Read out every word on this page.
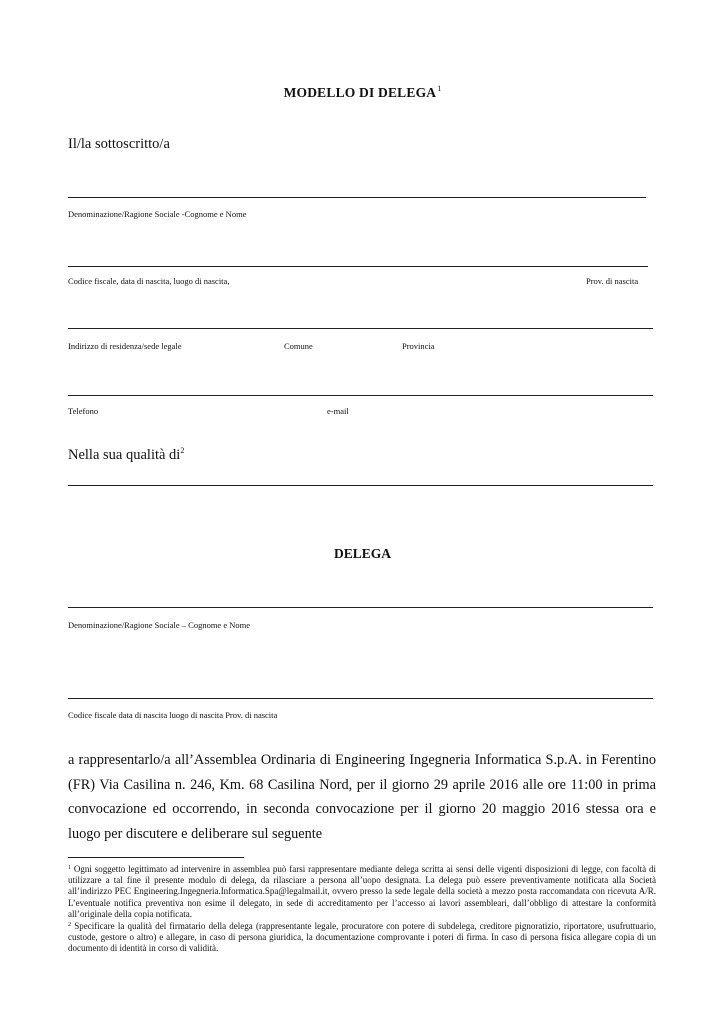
MODELLO DI DELEGA$^1$
Il/la sottoscritto/a
Denominazione/Ragione Sociale -Cognome e Nome
Codice fiscale, data di nascita, luogo di nascita,	Prov. di nascita
Indirizzo di residenza/sede legale	Comune	Provincia
Telefono	e-mail
Nella sua qualità $di^2$
DELEGA
Denominazione/Ragione Sociale – Cognome e Nome
Codice fiscale data di nascita luogo di nascita Prov. di nascita
a rappresentarlo/a all’Assemblea Ordinaria di Engineering Ingegneria Informatica S.p.A. in Ferentino (FR) Via Casilina n. 246, Km. 68 Casilina Nord, per il giorno 29 aprile 2016 alle ore 11:00 in prima convocazione ed occorrendo, in seconda convocazione per il giorno 20 maggio 2016 stessa ora e luogo per discutere e deliberare sul seguente
$^1$ Ogni soggetto legittimato ad intervenire in assemblea può farsi rappresentare mediante delega scritta ai sensi delle vigenti disposizioni di legge, con facoltà di utilizzare a tal fine il presente modulo di delega, da rilasciare a persona all’uopo designata. La delega può essere preventivamente notificata alla Società all’indirizzo PEC Engineering.Ingegneria.Informatica.Spa@legalmail.it, ovvero presso la sede legale della società a mezzo posta raccomandata con ricevuta A/R. L’eventuale notifica preventiva non esime il delegato, in sede di accreditamento per l’accesso ai lavori assembleari, dall’obbligo di attestare la conformità all’originale della copia notificata.
$^2$ Specificare la qualità del firmatario della delega (rappresentante legale, procuratore con potere di subdelega, creditore pignoratizio, riportatore, usufruttuario, custode, gestore o altro) e allegare, in caso di persona giuridica, la documentazione comprovante i poteri di firma. In caso di persona fisica allegare copia di un documento di identità in corso di validità.
